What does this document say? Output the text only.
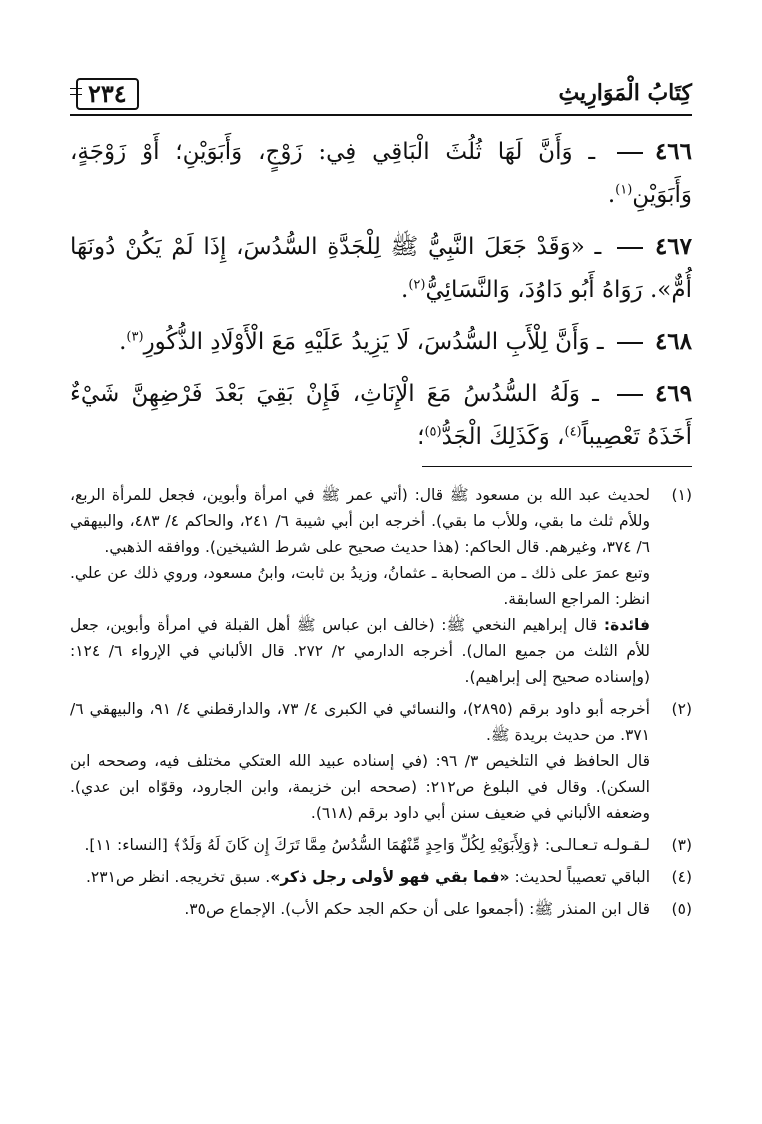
كِتَابُ الْمَوَارِيثِ
٢٣٤
٤٦٦  ـ وَأَنَّ لَهَا ثُلُثَ الْبَاقِي فِي: زَوْجٍ، وَأَبَوَيْنِ؛ أَوْ زَوْجَةٍ، وَأَبَوَيْنِ$^{(١)}$.
٤٦٧  ـ «وَقَدْ جَعَلَ النَّبِيُّ ﷺ لِلْجَدَّةِ السُّدُسَ، إِذَا لَمْ يَكُنْ دُونَهَا أُمٌّ». رَوَاهُ أَبُو دَاوُدَ، وَالنَّسَائِيُّ$^{(٢)}$.
٤٦٨  ـ وَأَنَّ لِلْأَبِ السُّدُسَ، لَا يَزِيدُ عَلَيْهِ مَعَ الْأَوْلَادِ الذُّكُورِ$^{(٣)}$.
٤٦٩  ـ وَلَهُ السُّدُسُ مَعَ الْإِنَاثِ، فَإِنْ بَقِيَ بَعْدَ فَرْضِهِنَّ شَيْءٌ أَخَذَهُ تَعْصِيباً$^{(٤)}$، وَكَذَلِكَ الْجَدُّ$^{(٥)}$؛
(١)

لحديث عبد الله بن مسعود ﷺ قال: (أتي عمر ﷺ في امرأة وأبوين، فجعل للمرأة الربع، وللأم ثلث ما بقي، وللأب ما بقي). أخرجه ابن أبي شيبة ٦/ ٢٤١، والحاكم ٤/ ٤٨٣، والبيهقي ٦/ ٣٧٤، وغيرهم. قال الحاكم: (هذا حديث صحيح على شرط الشيخين). ووافقه الذهبي.

وتبع عمرَ على ذلك ـ من الصحابة ـ عثمانُ، وزيدُ بن ثابت، وابنُ مسعود، وروي ذلك عن علي. انظر: المراجع السابقة.

فائدة: قال إبراهيم النخعي ﷺ: (خالف ابن عباس ﷺ أهل القبلة في امرأة وأبوين، جعل للأم الثلث من جميع المال). أخرجه الدارمي ٢/ ٢٧٢. قال الألباني في الإرواء ٦/ ١٢٤: (وإسناده صحيح إلى إبراهيم).

(٢)

أخرجه أبو داود برقم (٢٨٩٥)، والنسائي في الكبرى ٤/ ٧٣، والدارقطني ٤/ ٩١، والبيهقي ٦/ ٣٧١. من حديث بريدة ﷺ.

قال الحافظ في التلخيص ٣/ ٩٦: (في إسناده عبيد الله العتكي مختلف فيه، وصححه ابن السكن). وقال في البلوغ ص٢١٢: (صححه ابن خزيمة، وابن الجارود، وقوّاه ابن عدي). وضعفه الألباني في ضعيف سنن أبي داود برقم (٦١٨).

(٣)

لـقـولـه تـعـالـى: ﴿وَلِأَبَوَيْهِ لِكُلِّ وَاحِدٍ مِّنْهُمَا السُّدُسُ مِمَّا تَرَكَ إِن كَانَ لَهُ وَلَدٌ﴾ [النساء: ١١].

(٤)

الباقي تعصيباً لحديث: «فما بقي فهو لأولى رجل ذكر». سبق تخريجه. انظر ص٢٣١.

(٥)

قال ابن المنذر ﷺ: (أجمعوا على أن حكم الجد حكم الأب). الإجماع ص٣٥.
